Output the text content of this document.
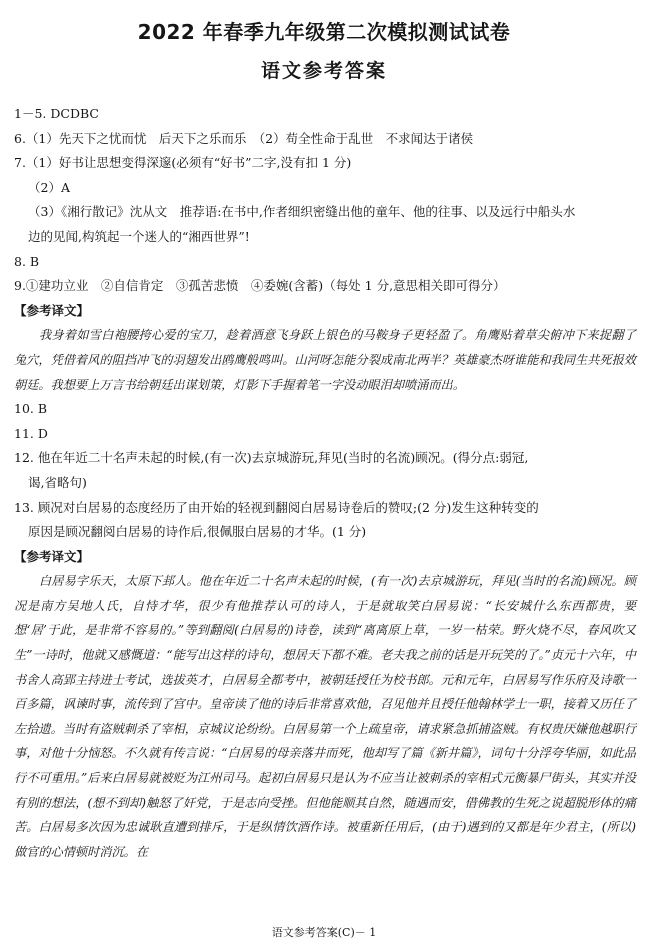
2022 年春季九年级第二次模拟测试试卷
语文参考答案
1－5. DCDBC
6.（1）先天下之忧而忧　后天下之乐而乐　（2）苟全性命于乱世　不求闻达于诸侯
7.（1）好书让思想变得深邃(必须有“好书”二字,没有扣 1 分)
（2）A
（3）《湘行散记》沈从文　推荐语:在书中,作者细织密缝出他的童年、他的往事、以及远行中船头水
边的见闻,构筑起一个迷人的“湘西世界”!
8. B
9.①建功立业　②自信肯定　③孤苦悲愤　④委婉(含蓄)（每处 1 分,意思相关即可得分）
【参考译文】
我身着如雪白袍腰挎心爱的宝刀，趁着酒意飞身跃上银色的马鞍身子更轻盈了。角鹰贴着草尖俯冲下来捉翻了兔穴，凭借着风的阻挡冲飞的羽翅发出鸥鹰般鸣叫。山河呀怎能分裂成南北两半？英雄豪杰呀谁能和我同生共死报效朝廷。我想要上万言书给朝廷出谋划策，灯影下手握着笔一字没动眼泪却喷涌而出。
10. B
11. D
12. 他在年近二十名声未起的时候,(有一次)去京城游玩,拜见(当时的名流)顾况。(得分点:弱冠,
谒,省略句)
13. 顾况对白居易的态度经历了由开始的轻视到翻阅白居易诗卷后的赞叹;(2 分)发生这种转变的
原因是顾况翻阅白居易的诗作后,很佩服白居易的才华。(1 分)
【参考译文】
白居易字乐天，太原下邽人。他在年近二十名声未起的时候，(有一次)去京城游玩，拜见(当时的名流)顾况。顾况是南方吴地人氏，自恃才华，很少有他推荐认可的诗人，于是就取笑白居易说：“长安城什么东西都贵，要想‘居’于此，是非常不容易的。”等到翻阅(白居易的)诗卷，读到“离离原上草，一岁一枯荣。野火烧不尽，春风吹又生”一诗时，他就又感慨道：“能写出这样的诗句，想居天下都不难。老夫我之前的话是开玩笑的了。”贞元十六年，中书舍人高郢主持进士考试，选拔英才，白居易全都考中，被朝廷授任为校书郎。元和元年，白居易写作乐府及诗歌一百多篇，讽谏时事，流传到了宫中。皇帝读了他的诗后非常喜欢他，召见他并且授任他翰林学士一职，接着又历任了左拾遗。当时有盗贼刺杀了宰相，京城议论纷纷。白居易第一个上疏皇帝，请求紧急抓捕盗贼。有权贵厌嫌他越职行事，对他十分恼怒。不久就有传言说：“白居易的母亲落井而死，他却写了篇《新井篇》，词句十分浮夸华丽，如此品行不可重用。”后来白居易就被贬为江州司马。起初白居易只是认为不应当让被刺杀的宰相式元衡暴尸街头，其实并没有别的想法，(想不到却)触怒了奸党，于是志向受挫。但他能顺其自然，随遇而安，借佛教的生死之说超脱形体的痛苦。白居易多次因为忠诚耿直遭到排斥，于是纵情饮酒作诗。被重新任用后，(由于)遇到的又都是年少君主，(所以)做官的心情顿时消沉。在
语文参考答案(C)－ 1
